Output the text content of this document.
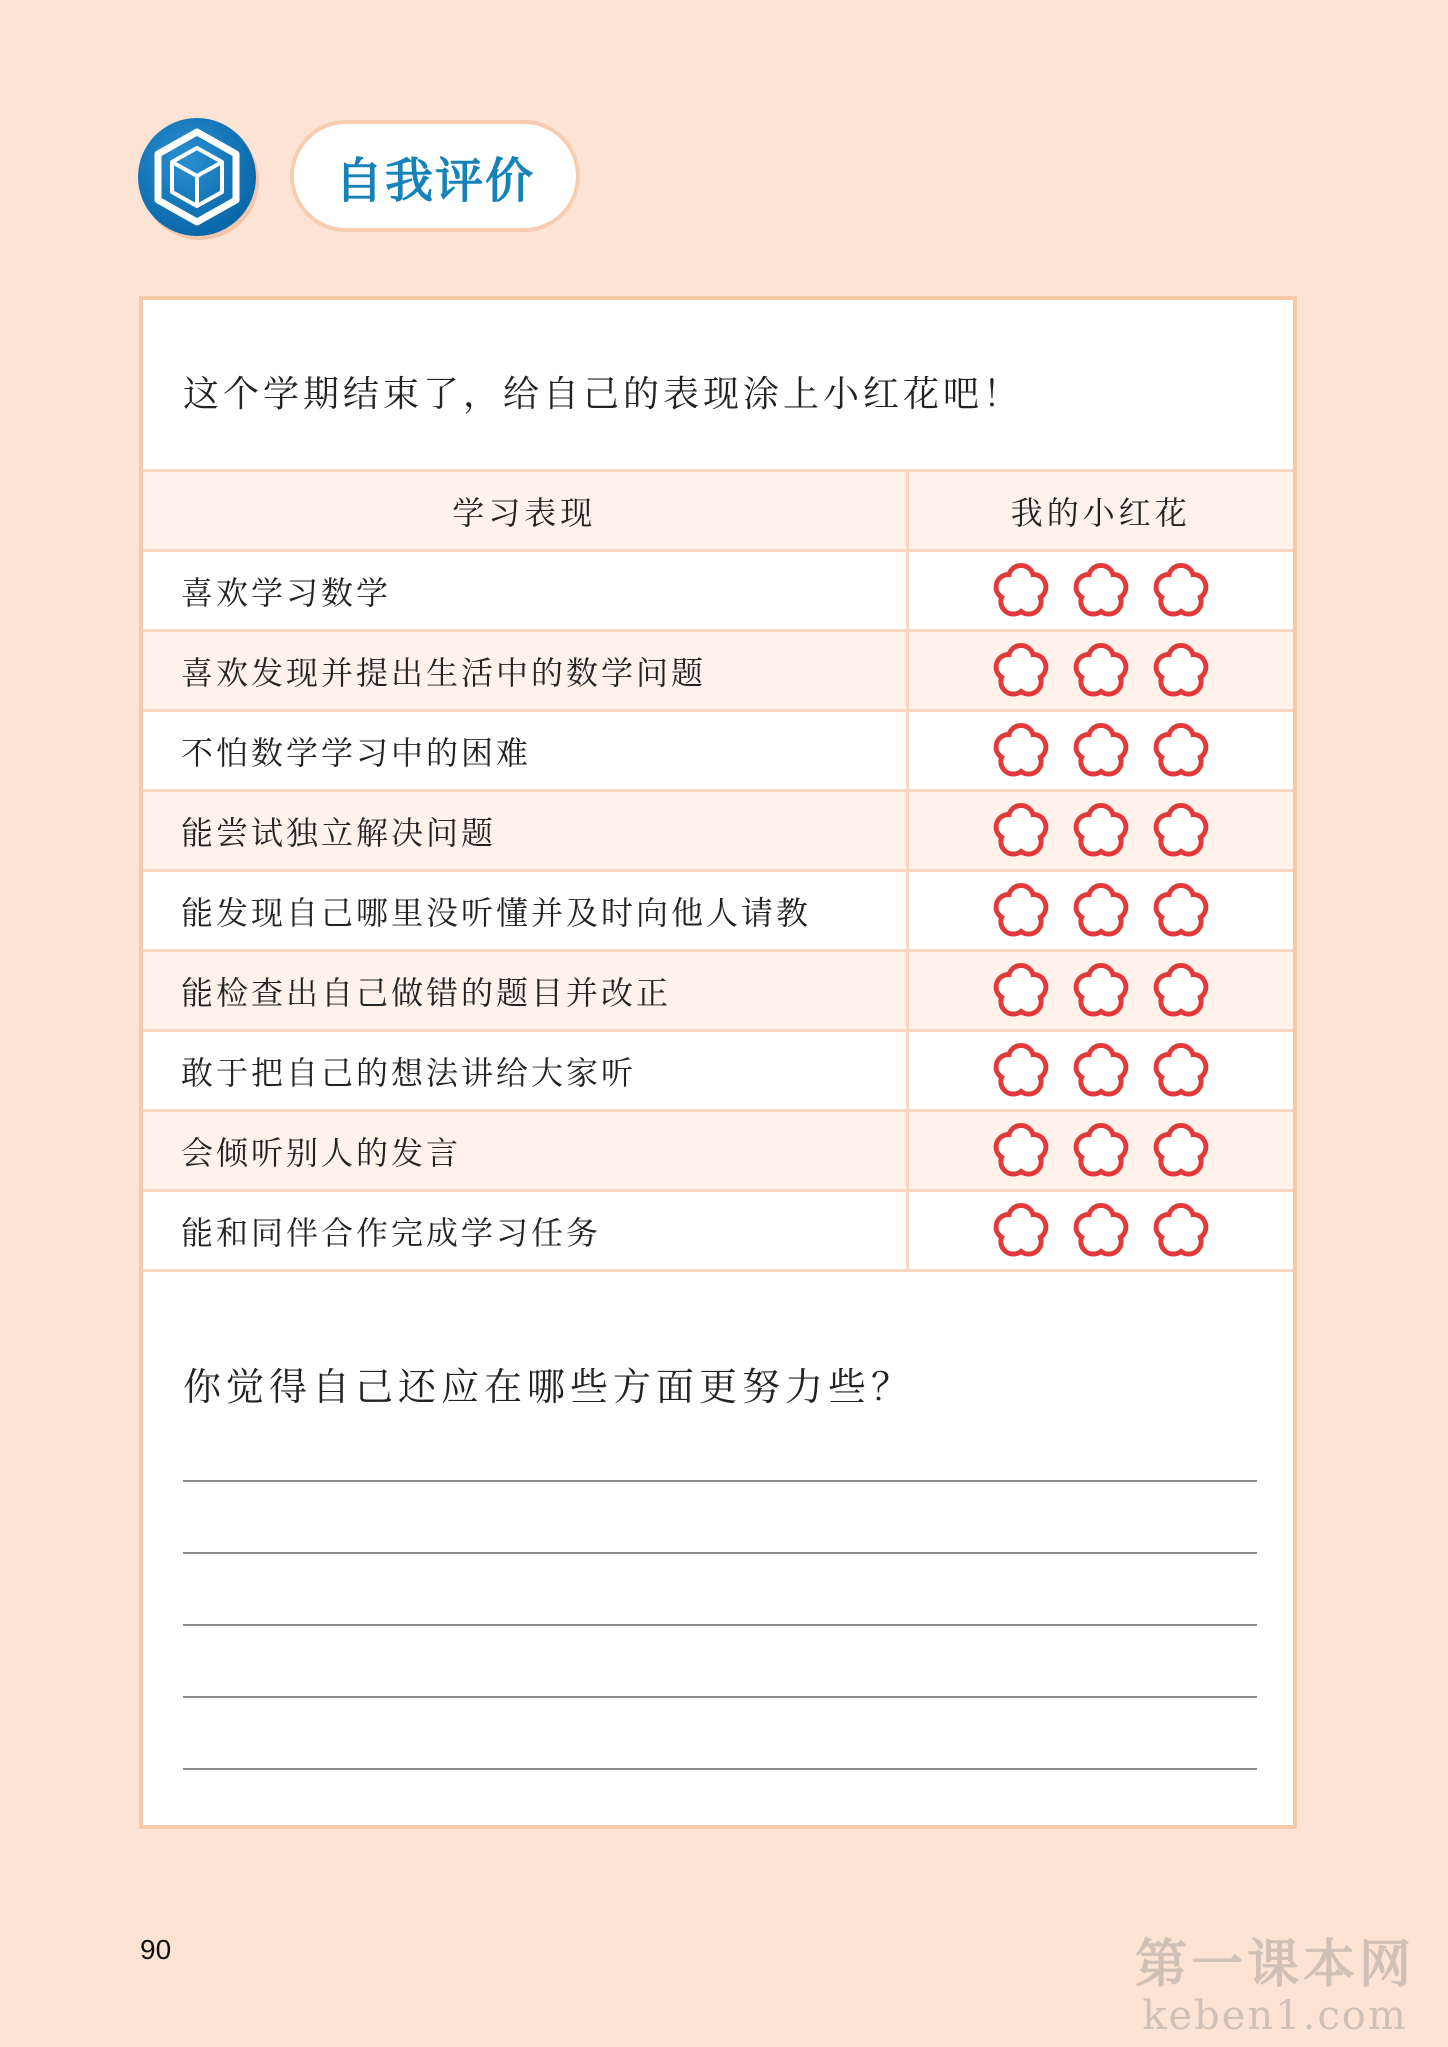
自我评价
这个学期结束了，给自己的表现涂上小红花吧！
学习表现	我的小红花
喜欢学习数学	

喜欢发现并提出生活中的数学问题	

不怕数学学习中的困难	

能尝试独立解决问题	

能发现自己哪里没听懂并及时向他人请教	

能检查出自己做错的题目并改正	

敢于把自己的想法讲给大家听	

会倾听别人的发言	

能和同伴合作完成学习任务	
你觉得自己还应在哪些方面更努力些？
90	第一课本网
keben1.com
